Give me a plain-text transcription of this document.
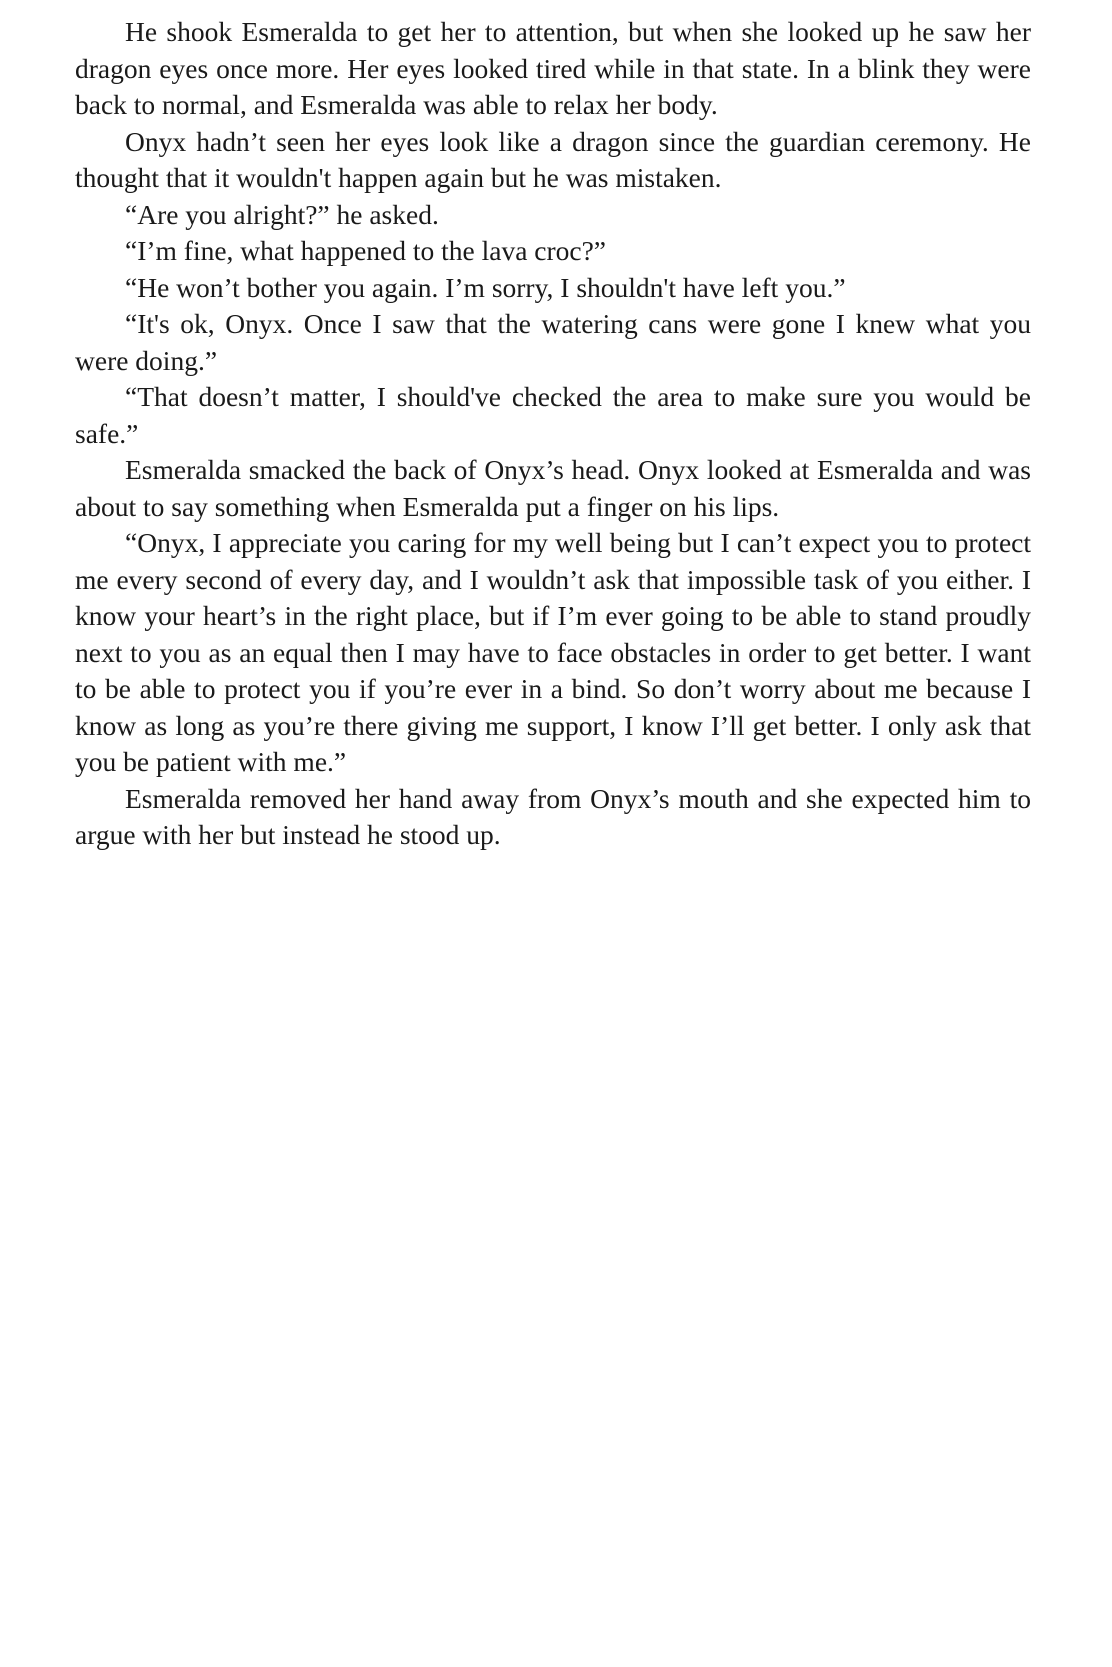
He shook Esmeralda to get her to attention, but when she looked up he saw her dragon eyes once more. Her eyes looked tired while in that state. In a blink they were back to normal, and Esmeralda was able to relax her body.

Onyx hadn’t seen her eyes look like a dragon since the guardian ceremony. He thought that it wouldn't happen again but he was mistaken.

“Are you alright?” he asked.

“I’m fine, what happened to the lava croc?”

“He won’t bother you again. I’m sorry, I shouldn't have left you.”

“It's ok, Onyx. Once I saw that the watering cans were gone I knew what you were doing.”

“That doesn’t matter, I should've checked the area to make sure you would be safe.”

Esmeralda smacked the back of Onyx’s head. Onyx looked at Esmeralda and was about to say something when Esmeralda put a finger on his lips.

“Onyx, I appreciate you caring for my well being but I can’t expect you to protect me every second of every day, and I wouldn’t ask that impossible task of you either. I know your heart’s in the right place, but if I’m ever going to be able to stand proudly next to you as an equal then I may have to face obstacles in order to get better. I want to be able to protect you if you’re ever in a bind. So don’t worry about me because I know as long as you’re there giving me support, I know I’ll get better. I only ask that you be patient with me.”

Esmeralda removed her hand away from Onyx’s mouth and she expected him to argue with her but instead he stood up.
